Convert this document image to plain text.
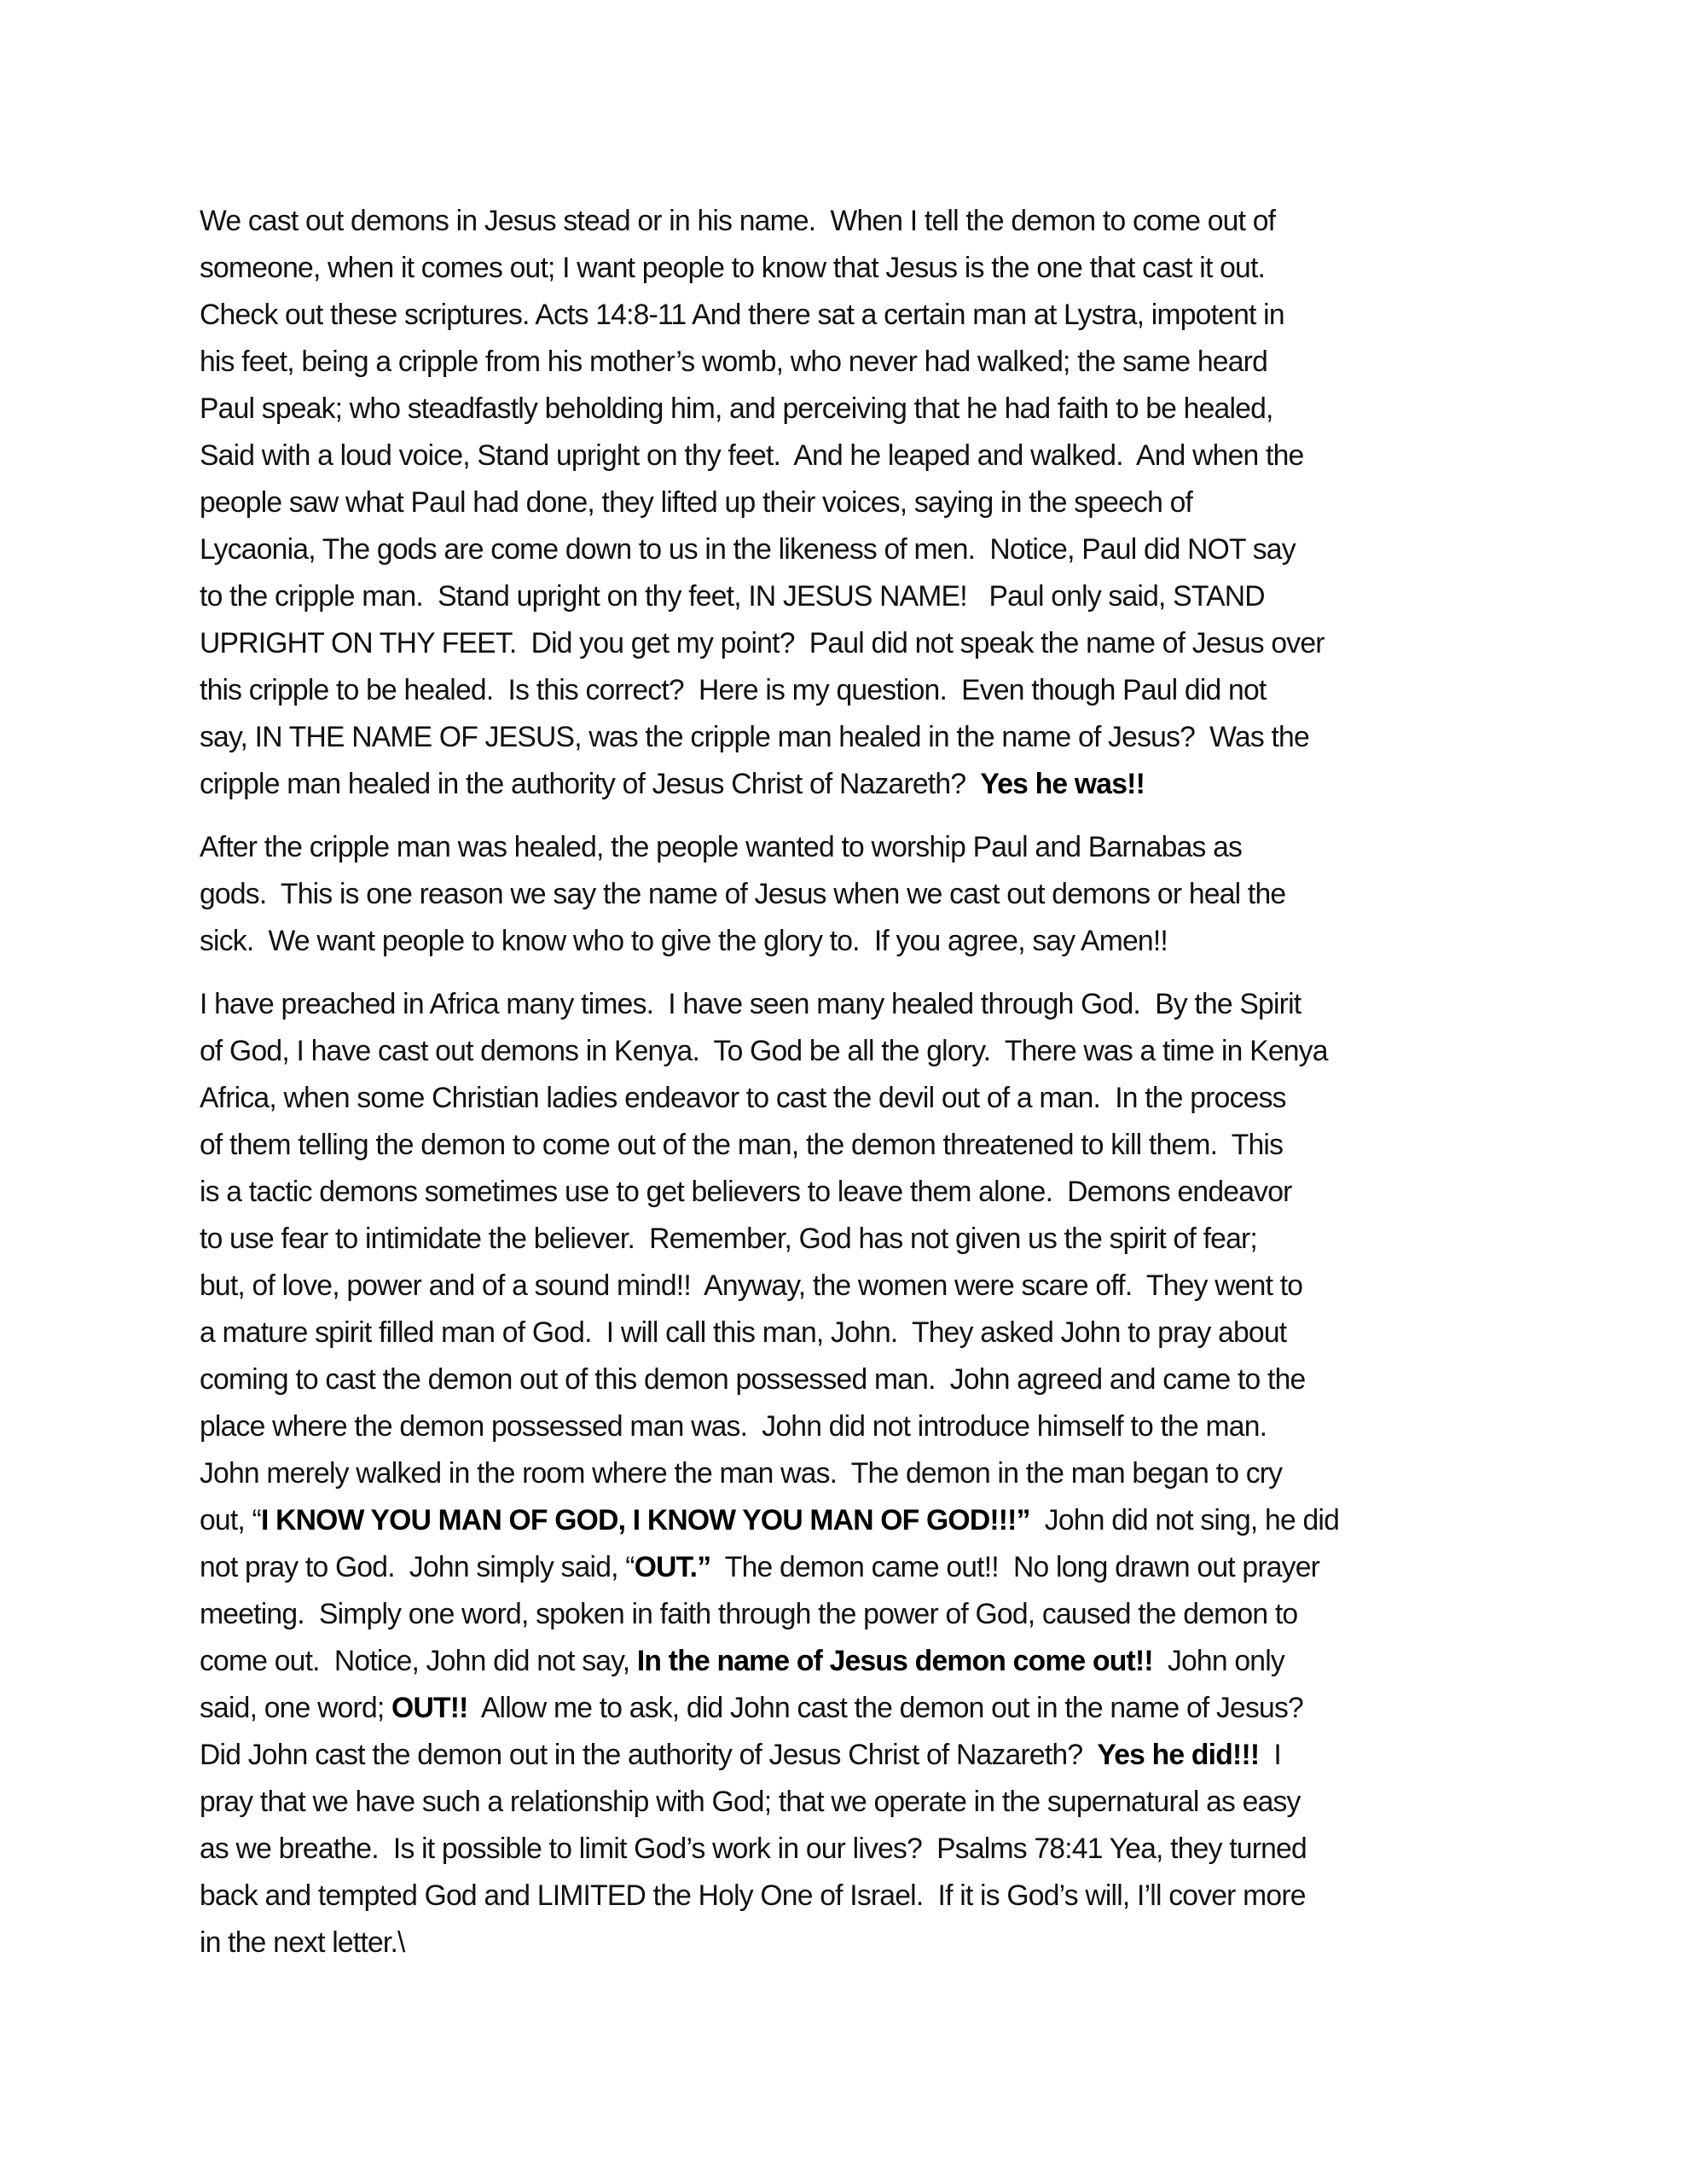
We cast out demons in Jesus stead or in his name.  When I tell the demon to come out of
someone, when it comes out; I want people to know that Jesus is the one that cast it out.
Check out these scriptures. Acts 14:8-11 And there sat a certain man at Lystra, impotent in
his feet, being a cripple from his mother’s womb, who never had walked; the same heard
Paul speak; who steadfastly beholding him, and perceiving that he had faith to be healed,
Said with a loud voice, Stand upright on thy feet.  And he leaped and walked.  And when the
people saw what Paul had done, they lifted up their voices, saying in the speech of
Lycaonia, The gods are come down to us in the likeness of men.  Notice, Paul did NOT say
to the cripple man.  Stand upright on thy feet, IN JESUS NAME!   Paul only said, STAND
UPRIGHT ON THY FEET.  Did you get my point?  Paul did not speak the name of Jesus over
this cripple to be healed.  Is this correct?  Here is my question.  Even though Paul did not
say, IN THE NAME OF JESUS, was the cripple man healed in the name of Jesus?  Was the
cripple man healed in the authority of Jesus Christ of Nazareth?  Yes he was!!
After the cripple man was healed, the people wanted to worship Paul and Barnabas as
gods.  This is one reason we say the name of Jesus when we cast out demons or heal the
sick.  We want people to know who to give the glory to.  If you agree, say Amen!!
I have preached in Africa many times.  I have seen many healed through God.  By the Spirit
of God, I have cast out demons in Kenya.  To God be all the glory.  There was a time in Kenya
Africa, when some Christian ladies endeavor to cast the devil out of a man.  In the process
of them telling the demon to come out of the man, the demon threatened to kill them.  This
is a tactic demons sometimes use to get believers to leave them alone.  Demons endeavor
to use fear to intimidate the believer.  Remember, God has not given us the spirit of fear;
but, of love, power and of a sound mind!!  Anyway, the women were scare off.  They went to
a mature spirit filled man of God.  I will call this man, John.  They asked John to pray about
coming to cast the demon out of this demon possessed man.  John agreed and came to the
place where the demon possessed man was.  John did not introduce himself to the man.
John merely walked in the room where the man was.  The demon in the man began to cry
out, “I KNOW YOU MAN OF GOD, I KNOW YOU MAN OF GOD!!!”  John did not sing, he did
not pray to God.  John simply said, “OUT.”  The demon came out!!  No long drawn out prayer
meeting.  Simply one word, spoken in faith through the power of God, caused the demon to
come out.  Notice, John did not say, In the name of Jesus demon come out!!  John only
said, one word; OUT!!  Allow me to ask, did John cast the demon out in the name of Jesus?
Did John cast the demon out in the authority of Jesus Christ of Nazareth?  Yes he did!!!  I
pray that we have such a relationship with God; that we operate in the supernatural as easy
as we breathe.  Is it possible to limit God’s work in our lives?  Psalms 78:41 Yea, they turned
back and tempted God and LIMITED the Holy One of Israel.  If it is God’s will, I’ll cover more
in the next letter.\
